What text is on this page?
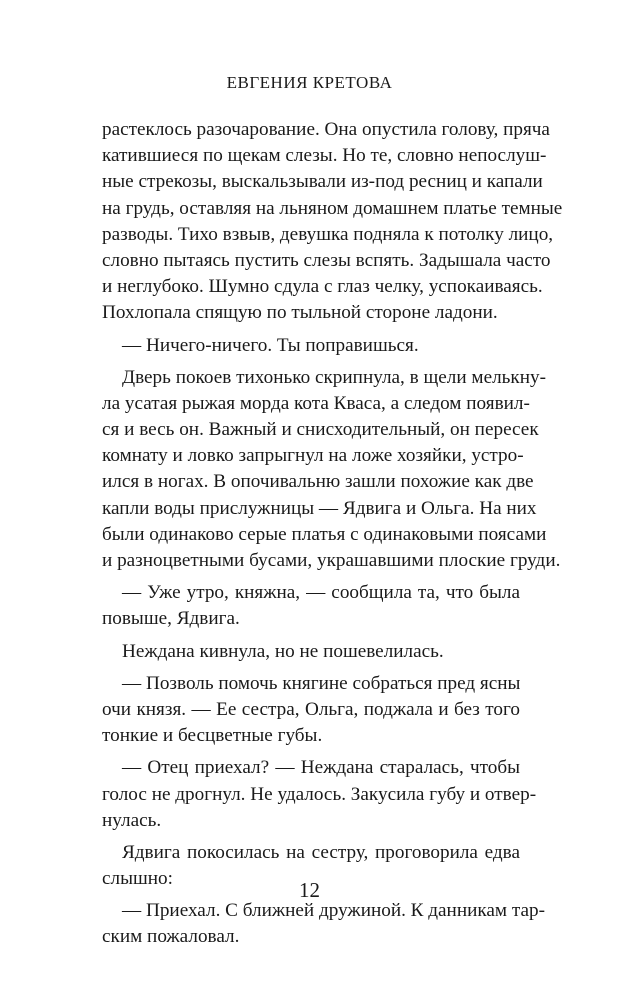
ЕВГЕНИЯ КРЕТОВА
растеклось разочарование. Она опустила голову, пряча
катившиеся по щекам слезы. Но те, словно непослуш-
ные стрекозы, выскальзывали из-под ресниц и капали
на грудь, оставляя на льняном домашнем платье темные
разводы. Тихо взвыв, девушка подняла к потолку лицо,
словно пытаясь пустить слезы вспять. Задышала часто
и неглубоко. Шумно сдула с глаз челку, успокаиваясь.
Похлопала спящую по тыльной стороне ладони.
— Ничего-ничего. Ты поправишься.
Дверь покоев тихонько скрипнула, в щели мелькну-
ла усатая рыжая морда кота Кваса, а следом появил-
ся и весь он. Важный и снисходительный, он пересек
комнату и ловко запрыгнул на ложе хозяйки, устро-
ился в ногах. В опочивальню зашли похожие как две
капли воды прислужницы — Ядвига и Ольга. На них
были одинаково серые платья с одинаковыми поясами
и разноцветными бусами, украшавшими плоские груди.
— Уже утро, княжна, — сообщила та, что была
повыше, Ядвига.
Неждана кивнула, но не пошевелилась.
— Позволь помочь княгине собраться пред ясны
очи князя. — Ее сестра, Ольга, поджала и без того
тонкие и бесцветные губы.
— Отец приехал? — Неждана старалась, чтобы
голос не дрогнул. Не удалось. Закусила губу и отвер-
нулась.
Ядвига покосилась на сестру, проговорила едва
слышно:
— Приехал. С ближней дружиной. К данникам тар-
ским пожаловал.
12
